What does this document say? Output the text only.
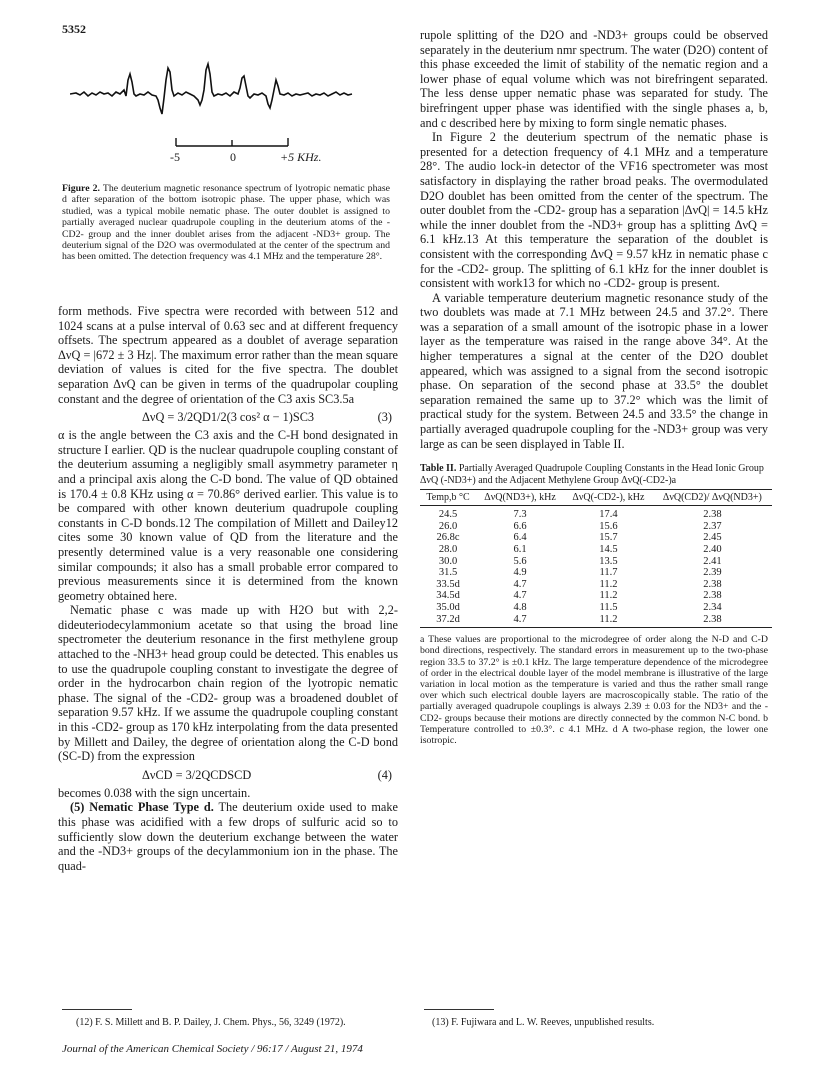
5352
-5	0	+5 KHz.
Figure 2. The deuterium magnetic resonance spectrum of lyotropic nematic phase d after separation of the bottom isotropic phase. The upper phase, which was studied, was a typical mobile nematic phase. The outer doublet is assigned to partially averaged nuclear quadrupole coupling in the deuterium atoms of the -CD2- group and the inner doublet arises from the adjacent -ND3+ group. The deuterium signal of the D2O was overmodulated at the center of the spectrum and has been omitted. The detection frequency was 4.1 MHz and the temperature 28°.

form methods. Five spectra were recorded with between 512 and 1024 scans at a pulse interval of 0.63 sec and at different frequency offsets. The spectrum appeared as a doublet of average separation ΔνQ = |672 ± 3 Hz|. The maximum error rather than the mean square deviation of values is cited for the five spectra. The doublet separation ΔνQ can be given in terms of the quadrupolar coupling constant and the degree of orientation of the C3 axis SC3.5a

ΔνQ = 3/2QD1/2(3 cos² α − 1)SC3	(3)

α is the angle between the C3 axis and the C-H bond designated in structure I earlier. QD is the nuclear quadrupole coupling constant of the deuterium assuming a negligibly small asymmetry parameter η and a principal axis along the C-D bond. The value of QD obtained is 170.4 ± 0.8 KHz using α = 70.86° derived earlier. This value is to be compared with other known deuterium quadrupole coupling constants in C-D bonds.12 The compilation of Millett and Dailey12 cites some 30 known value of QD from the literature and the presently determined value is a very reasonable one considering similar compounds; it also has a small probable error compared to previous measurements since it is determined from the known geometry obtained here.

Nematic phase c was made up with H2O but with 2,2-dideuteriodecylammonium acetate so that using the broad line spectrometer the deuterium resonance in the first methylene group attached to the -NH3+ head group could be detected. This enables us to use the quadrupole coupling constant to investigate the degree of order in the hydrocarbon chain region of the lyotropic nematic phase. The signal of the -CD2- group was a broadened doublet of separation 9.57 kHz. If we assume the quadrupole coupling constant in this -CD2- group as 170 kHz interpolating from the data presented by Millett and Dailey, the degree of orientation along the C-D bond (SC-D) from the expression

ΔνCD = 3/2QCDSCD	(4)

becomes 0.038 with the sign uncertain.

(5) Nematic Phase Type d. The deuterium oxide used to make this phase was acidified with a few drops of sulfuric acid so to sufficiently slow down the deuterium exchange between the water and the -ND3+ groups of the decylammonium ion in the phase. The quad-

rupole splitting of the D2O and -ND3+ groups could be observed separately in the deuterium nmr spectrum. The water (D2O) content of this phase exceeded the limit of stability of the nematic region and a lower phase of equal volume which was not birefringent separated. The less dense upper nematic phase was separated for study. The birefringent upper phase was identified with the single phases a, b, and c described here by mixing to form single nematic phases.

In Figure 2 the deuterium spectrum of the nematic phase is presented for a detection frequency of 4.1 MHz and a temperature 28°. The audio lock-in detector of the VF16 spectrometer was most satisfactory in displaying the rather broad peaks. The overmodulated D2O doublet has been omitted from the center of the spectrum. The outer doublet from the -CD2- group has a separation |ΔνQ| = 14.5 kHz while the inner doublet from the -ND3+ group has a splitting ΔνQ = 6.1 kHz.13 At this temperature the separation of the doublet is consistent with the corresponding ΔνQ = 9.57 kHz in nematic phase c for the -CD2- group. The splitting of 6.1 kHz for the inner doublet is consistent with work13 for which no -CD2- group is present.

A variable temperature deuterium magnetic resonance study of the two doublets was made at 7.1 MHz between 24.5 and 37.2°. There was a separation of a small amount of the isotropic phase in a lower layer as the temperature was raised in the range above 34°. At the higher temperatures a signal at the center of the D2O doublet appeared, which was assigned to a signal from the second isotropic phase. On separation of the second phase at 33.5° the doublet separation remained the same up to 37.2° which was the limit of practical study for the system. Between 24.5 and 33.5° the change in partially averaged quadrupole coupling for the -ND3+ group was very large as can be seen displayed in Table II.

Table II. Partially Averaged Quadrupole Coupling Constants in the Head Ionic Group ΔνQ (-ND3+) and the Adjacent Methylene Group ΔνQ(-CD2-)a
Temp,b °C	ΔνQ(ND3+), kHz	ΔνQ(-CD2-), kHz	ΔνQ(CD2)/ ΔνQ(ND3+)
24.5	7.3	17.4	2.38
26.0	6.6	15.6	2.37
26.8c	6.4	15.7	2.45
28.0	6.1	14.5	2.40
30.0	5.6	13.5	2.41
31.5	4.9	11.7	2.39
33.5d	4.7	11.2	2.38
34.5d	4.7	11.2	2.38
35.0d	4.8	11.5	2.34
37.2d	4.7	11.2	2.38
a These values are proportional to the microdegree of order along the N-D and C-D bond directions, respectively. The standard errors in measurement up to the two-phase region 33.5 to 37.2° is ±0.1 kHz. The large temperature dependence of the microdegree of order in the electrical double layer of the model membrane is illustrative of the large variation in local motion as the temperature is varied and thus the rather small range over which such electrical double layers are macroscopically stable. The ratio of the partially averaged quadrupole couplings is always 2.39 ± 0.03 for the ND3+ and the -CD2- groups because their motions are directly connected by the common N-C bond. b Temperature controlled to ±0.3°. c 4.1 MHz. d A two-phase region, the lower one isotropic.
(12) F. S. Millett and B. P. Dailey, J. Chem. Phys., 56, 3249 (1972).	(13) F. Fujiwara and L. W. Reeves, unpublished results.
Journal of the American Chemical Society / 96:17 / August 21, 1974
